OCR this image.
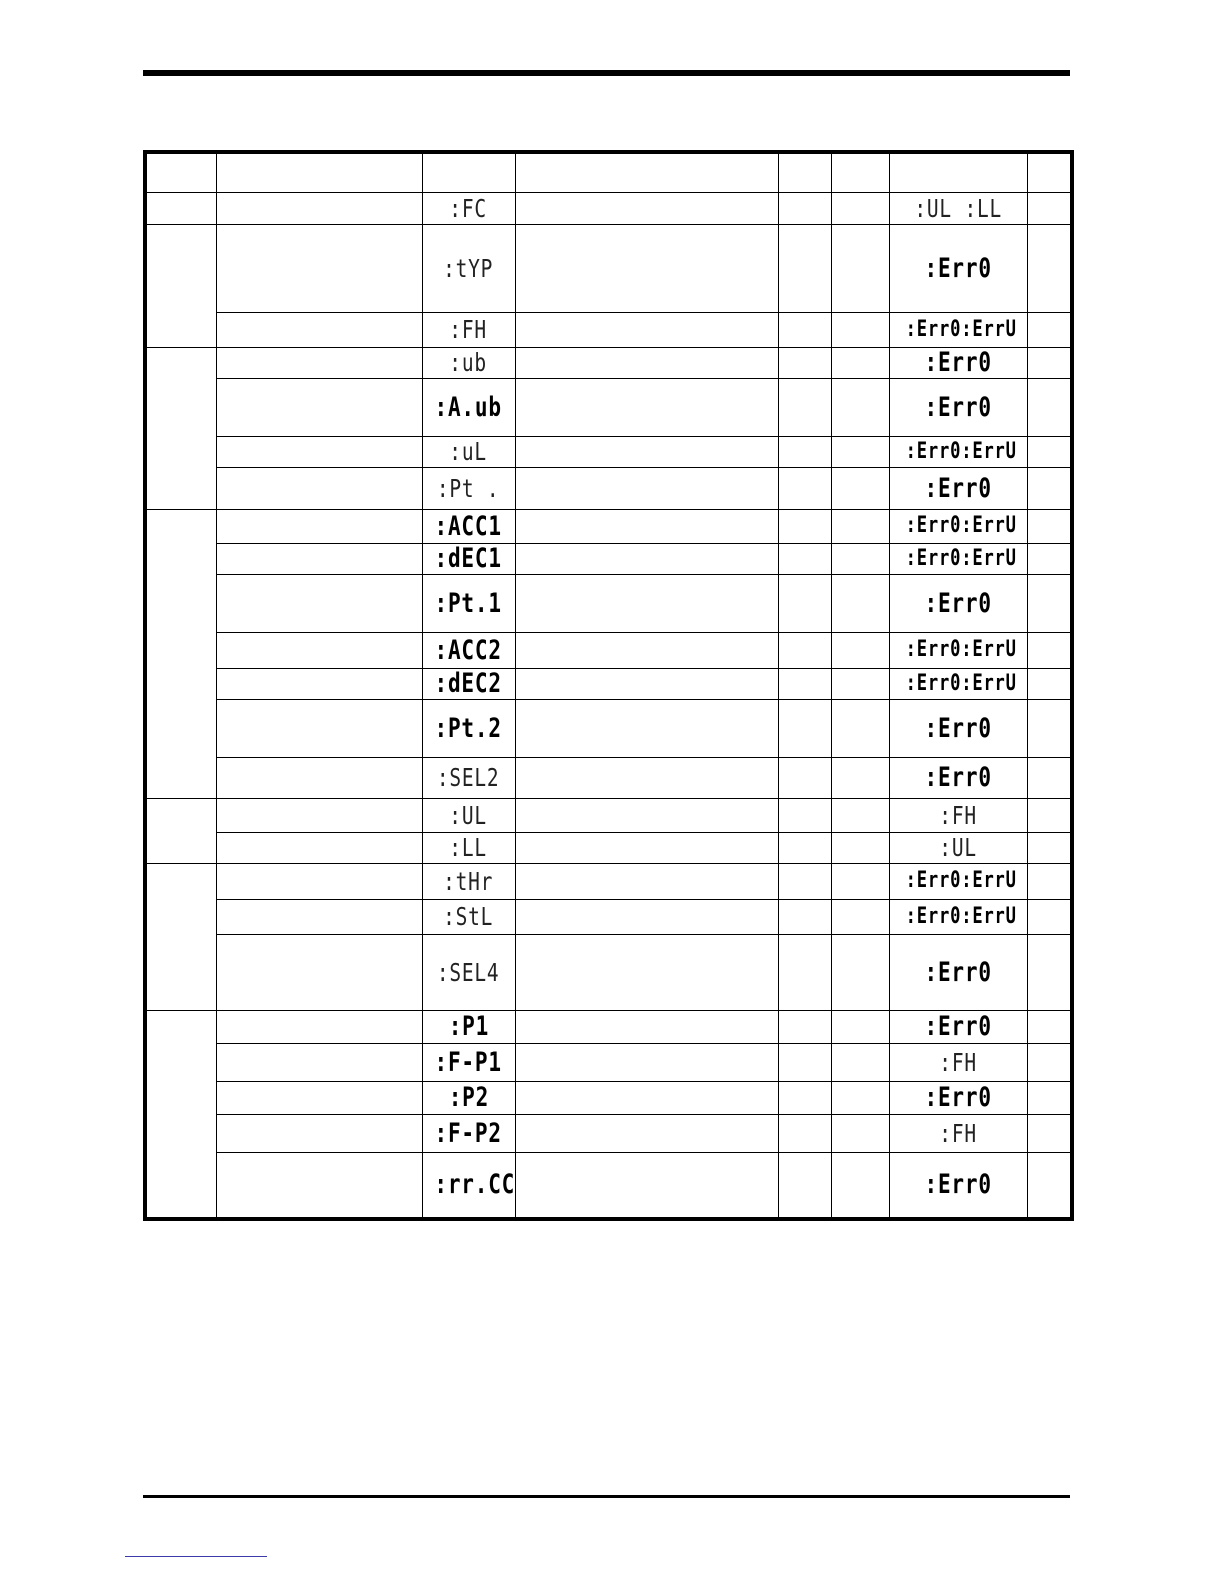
		:FC				:UL :LL	
		:tYP				:Err0	
		:FH				:Err0:ErrU	
		:ub				:Err0	
		:A.ub				:Err0	
		:uL				:Err0:ErrU	
		:Pt .				:Err0	
		:ACC1				:Err0:ErrU	
		:dEC1				:Err0:ErrU	
		:Pt.1				:Err0	
		:ACC2				:Err0:ErrU	
		:dEC2				:Err0:ErrU	
		:Pt.2				:Err0	
		:SEL2				:Err0	
		:UL				:FH	
		:LL				:UL	
		:tHr				:Err0:ErrU	
		:StL				:Err0:ErrU	
		:SEL4				:Err0	
		:P1				:Err0	
		:F-P1				:FH	
		:P2				:Err0	
		:F-P2				:FH	
		:rr.CC				:Err0	
